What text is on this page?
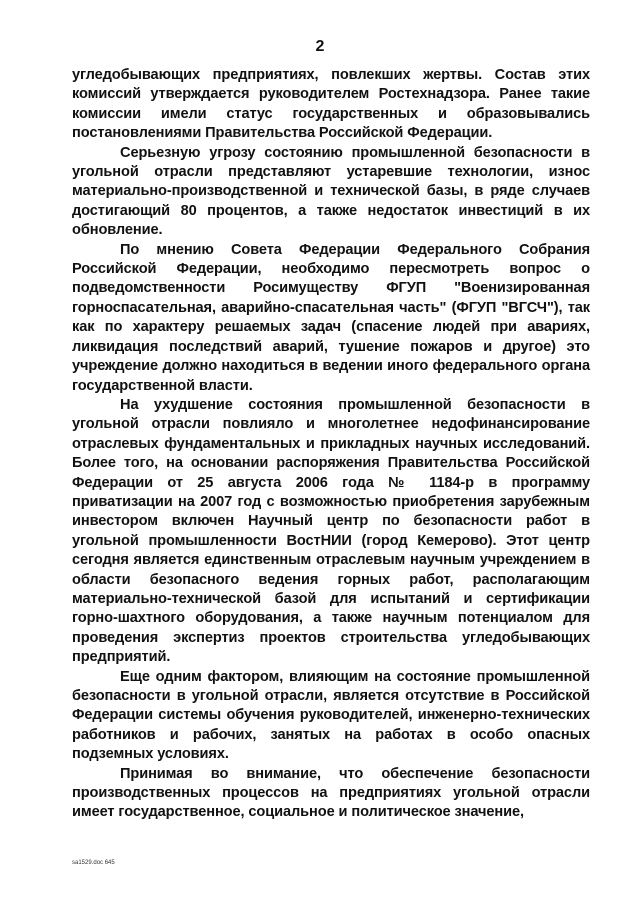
2

угледобывающих предприятиях, повлекших жертвы. Состав этих комиссий утверждается руководителем Ростехнадзора. Ранее такие комиссии имели статус государственных и образовывались постановлениями Правительства Российской Федерации.

Серьезную угрозу состоянию промышленной безопасности в угольной отрасли представляют устаревшие технологии, износ материально-производственной и технической базы, в ряде случаев достигающий 80 процентов, а также недостаток инвестиций в их обновление.

По мнению Совета Федерации Федерального Собрания Российской Федерации, необходимо пересмотреть вопрос о подведомственности Росимуществу ФГУП "Военизированная горноспасательная, аварийно-спасательная часть" (ФГУП "ВГСЧ"), так как по характеру решаемых задач (спасение людей при авариях, ликвидация последствий аварий, тушение пожаров и другое) это учреждение должно находиться в ведении иного федерального органа государственной власти.

На ухудшение состояния промышленной безопасности в угольной отрасли повлияло и многолетнее недофинансирование отраслевых фундаментальных и прикладных научных исследований. Более того, на основании распоряжения Правительства Российской Федерации от 25 августа 2006 года № 1184-р в программу приватизации на 2007 год с возможностью приобретения зарубежным инвестором включен Научный центр по безопасности работ в угольной промышленности ВостНИИ (город Кемерово). Этот центр сегодня является единственным отраслевым научным учреждением в области безопасного ведения горных работ, располагающим материально-технической базой для испытаний и сертификации горно-шахтного оборудования, а также научным потенциалом для проведения экспертиз проектов строительства угледобывающих предприятий.

Еще одним фактором, влияющим на состояние промышленной безопасности в угольной отрасли, является отсутствие в Российской Федерации системы обучения руководителей, инженерно-технических работников и рабочих, занятых на работах в особо опасных подземных условиях.

Принимая во внимание, что обеспечение безопасности производственных процессов на предприятиях угольной отрасли имеет государственное, социальное и политическое значение,

sa1529.doc 645
